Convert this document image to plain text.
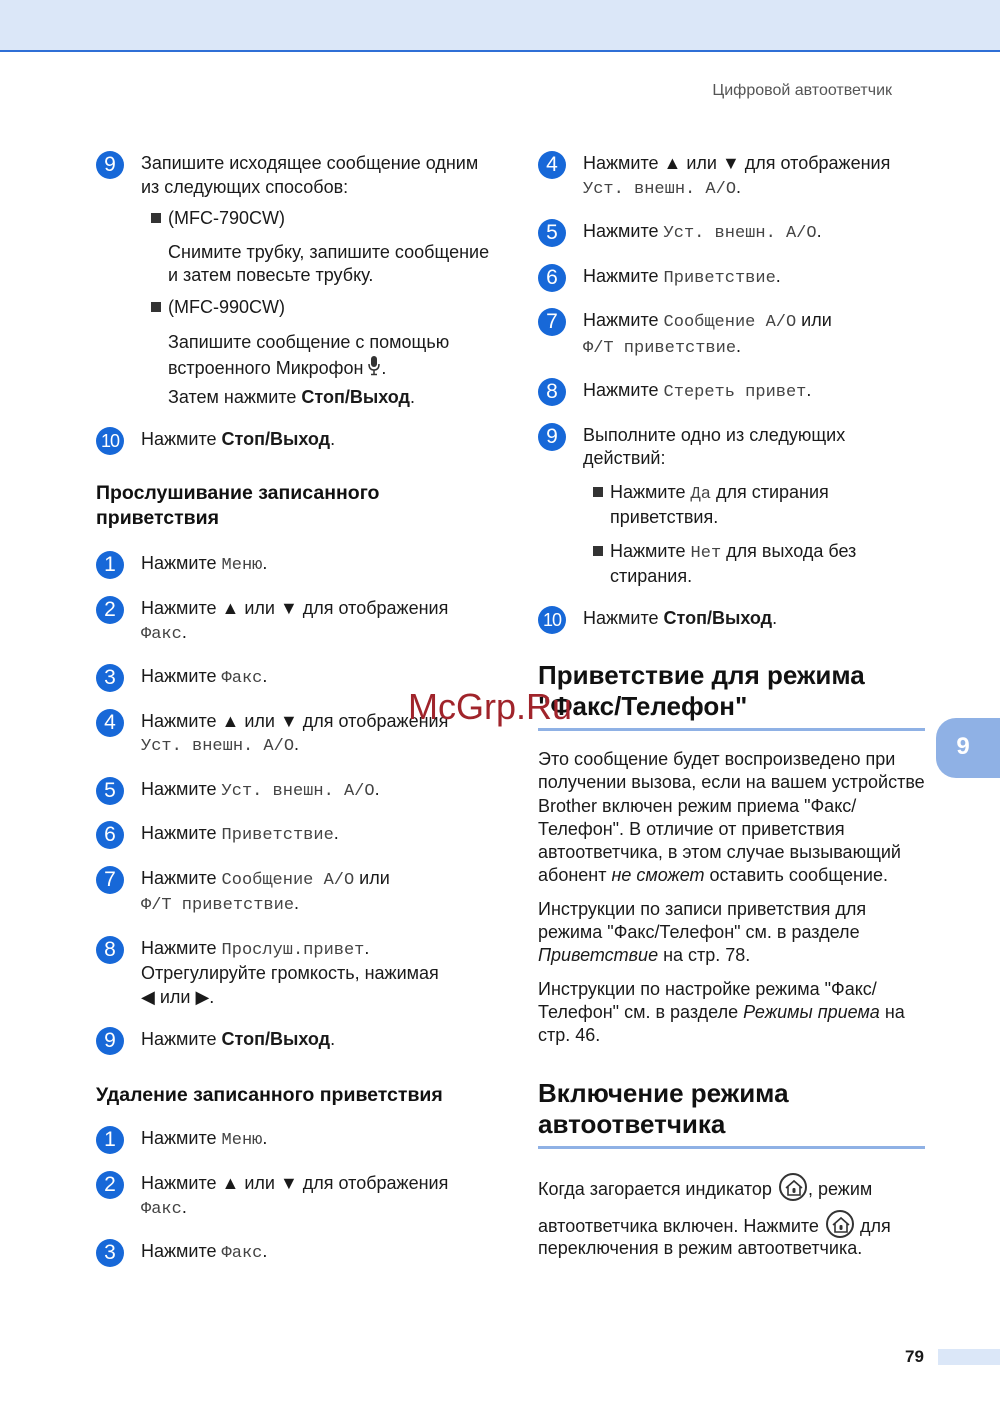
Цифровой автоответчик
9	Запишите исходящее сообщение одним из следующих способов:
(MFC-790CW)
Снимите трубку, запишите сообщение и затем повесьте трубку.
(MFC-990CW)
Запишите сообщение с помощью встроенного Микрофон .
Затем нажмите Стоп/Выход.
10 Нажмите Стоп/Выход.
Прослушивание записанного приветствия
1	Нажмите Меню.
2	Нажмите ▲ или ▼ для отображения
Факс.
3	Нажмите Факс.
4	Нажмите ▲ или ▼ для отображения
Уст. внешн. А/О.
5	Нажмите Уст. внешн. А/О.
6	Нажмите Приветствие.
7	Нажмите Сообщение А/О или
Ф/Т приветствие.
8	Нажмите Прослуш.привет.
Отрегулируйте громкость, нажимая
◀ или ▶.
9	Нажмите Стоп/Выход.
Удаление записанного приветствия
1	Нажмите Меню.
2	Нажмите ▲ или ▼ для отображения
Факс.
3	Нажмите Факс.
4	Нажмите ▲ или ▼ для отображения
Уст. внешн. А/О.
5	Нажмите Уст. внешн. А/О.
6	Нажмите Приветствие.
7	Нажмите Сообщение А/О или
Ф/Т приветствие.
8	Нажмите Стереть привет.
9	Выполните одно из следующих действий:
Нажмите Да для стирания приветствия.
Нажмите Нет для выхода без стирания.
10 Нажмите Стоп/Выход.
Приветствие для режима "Факс/Телефон"
Это сообщение будет воспроизведено при получении вызова, если на вашем устройстве Brother включен режим приема "Факс/Телефон". В отличие от приветствия автоответчика, в этом случае вызывающий абонент не сможет оставить сообщение.
Инструкции по записи приветствия для режима "Факс/Телефон" см. в разделе Приветствие на стр. 78.
Инструкции по настройке режима "Факс/Телефон" см. в разделе Режимы приема на стр. 46.
Включение режима автоответчика
Когда загорается индикатор
, режим
автоответчика включен. Нажмите
для
переключения в режим автоответчика.
9
McGrp.Ru
79
